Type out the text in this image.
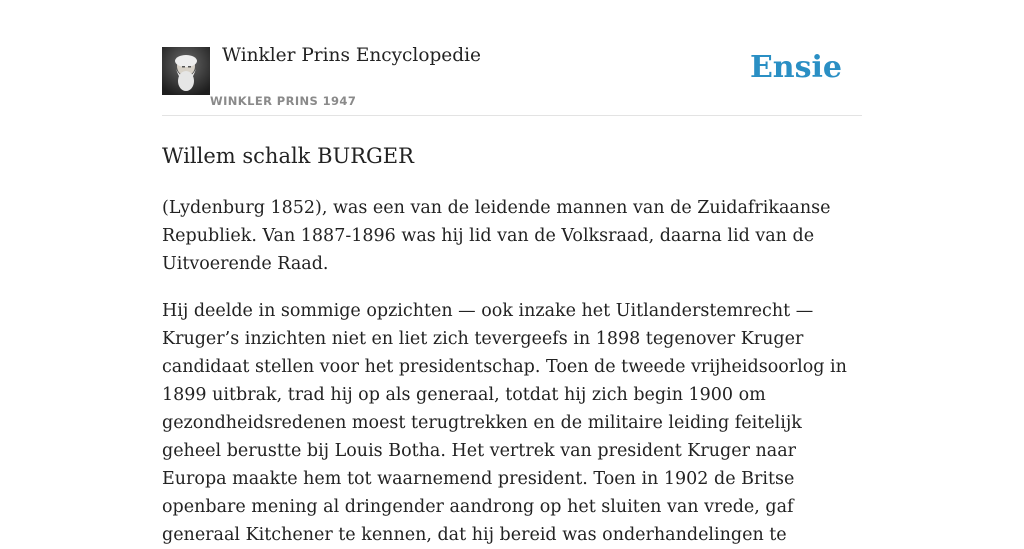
Winkler Prins Encyclopedie
WINKLER PRINS 1947
Ensie
Willem schalk BURGER

(Lydenburg 1852), was een van de leidende mannen van de Zuidafrikaanse Republiek. Van 1887-1896 was hij lid van de Volksraad, daarna lid van de Uitvoerende Raad.

Hij deelde in sommige opzichten — ook inzake het Uitlanderstemrecht — Kruger’s inzichten niet en liet zich tevergeefs in 1898 tegenover Kruger candidaat stellen voor het presidentschap. Toen de tweede vrijheidsoorlog in 1899 uitbrak, trad hij op als generaal, totdat hij zich begin 1900 om gezondheidsredenen moest terugtrekken en de militaire leiding feitelijk geheel berustte bij Louis Botha. Het vertrek van president Kruger naar Europa maakte hem tot waarnemend president. Toen in 1902 de Britse openbare mening al dringender aandrong op het sluiten van vrede, gaf generaal Kitchener te kennen, dat hij bereid was onderhandelingen te
